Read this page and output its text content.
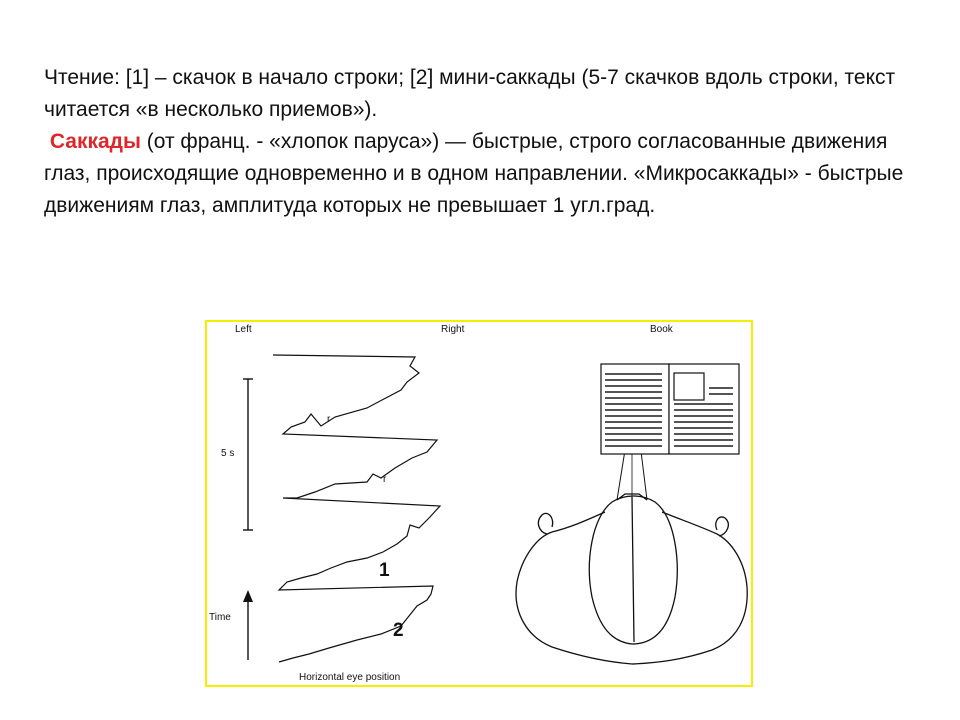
Чтение: [1] – скачок в начало строки; [2] мини-саккады (5-7 скачков вдоль строки, текст читается «в несколько приемов»).

Саккады (от франц. - «хлопок паруса») — быстрые, строго согласованные движения глаз, происходящие одновременно и в одном направлении. «Микросаккады» - быстрые движениям глаз, амплитуда которых не превышает 1 угл.град.

Left	Right	Book
5 s
Time
r
r
Horizontal eye position
1
2
